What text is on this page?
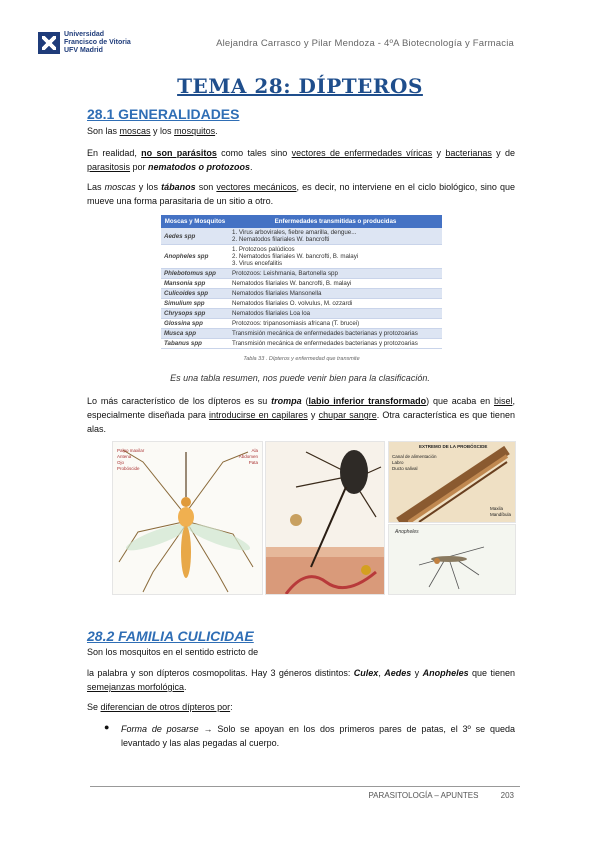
Universidad
Francisco de Vitoria
UFV Madrid
Alejandra Carrasco y Pilar Mendoza - 4ºA Biotecnología y Farmacia
TEMA 28: DÍPTEROS
28.1 GENERALIDADES
Son las moscas y los mosquitos.
En realidad, no son parásitos como tales sino vectores de enfermedades víricas y bacterianas y de parasitosis por nematodos o protozoos.
Las moscas y los tábanos son vectores mecánicos, es decir, no interviene en el ciclo biológico, sino que mueve una forma parasitaria de un sitio a otro.
Moscas y Mosquitos	Enfermedades transmitidas o producidas
Aedes spp	1. Virus arbovirales, fiebre amarilla, dengue...
2. Nematodos filariales W. bancrofti

Anopheles spp	1. Protozoos palúdicos
2. Nematodos filariales W. bancrofti, B. malayi
3. Virus encefalitis

Phlebotomus spp	Protozoos: Leishmania, Bartonella spp
Mansonia spp	Nematodos filariales W. bancrofti, B. malayi
Culicoides spp	Nematodos filariales Mansonella
Simulium spp	Nematodos filariales O. volvulus, M. ozzardi
Chrysops spp	Nematodos filariales Loa loa
Glossina spp	Protozoos: tripanosomiasis africana (T. brucei)
Musca spp	Transmisión mecánica de enfermedades bacterianas y protozoarias
Tabanus spp	Transmisión mecánica de enfermedades bacterianas y protozoarias
Tabla 33 . Dípteros y enfermedad que transmite
Es una tabla resumen, nos puede venir bien para la clasificación.
Lo más característico de los dípteros es su trompa (labio inferior transformado) que acaba en bisel, especialmente diseñada para introducirse en capilares y chupar sangre. Otra característica es que tienen alas.
Palpo maxilar
Antena
Ojo
Probóscide
Ala
Abdomen
Pata
EXTREMO DE LA PROBÓSCIDE
Canal de alimentación
Labro
Ducto salival
Maxila
Mandíbula
Anopheles
28.2 FAMILIA CULICIDAE
Son los mosquitos en el sentido estricto de
la palabra y son dípteros cosmopolitas. Hay 3 géneros distintos: Culex, Aedes y Anopheles que tienen semejanzas morfológica.
Se diferencian de otros dípteros por:
● Forma de posarse → Solo se apoyan en los dos primeros pares de patas, el 3º se queda levantado y las alas pegadas al cuerpo.
PARASITOLOGÍA – APUNTES	203
